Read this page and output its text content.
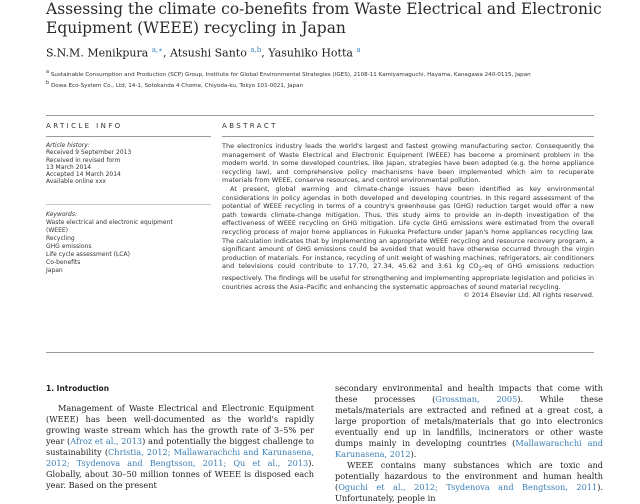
Assessing the climate co-benefits from Waste Electrical and Electronic Equipment (WEEE) recycling in Japan
S.N.M. Menikpura $^{a,∗}$, Atsushi Santo $^{a,b}$, Yasuhiko Hotta $^a$
$^a$ Sustainable Consumption and Production (SCP) Group, Institute for Global Environmental Strategies (IGES), 2108-11 Kamiyamaguchi, Hayama, Kanagawa 240-0115, Japan
$^b$ Dowa Eco-System Co., Ltd, 14-1, Sotokanda 4 Chome, Chiyoda-ku, Tokyo 101-0021, Japan
ARTICLE INFO	ABSTRACT
Article history:
Received 9 September 2013
Received in revised form
13 March 2014
Accepted 14 March 2014
Available online xxx
Keywords:
Waste electrical and electronic equipment
(WEEE)
Recycling
GHG emissions
Life cycle assessment (LCA)
Co-benefits
Japan

The electronics industry leads the world's largest and fastest growing manufacturing sector. Consequently the management of Waste Electrical and Electronic Equipment (WEEE) has become a prominent problem in the modern world. In some developed countries, like Japan, strategies have been adopted (e.g. the home appliance recycling law), and comprehensive policy mechanisms have been implemented which aim to recuperate materials from WEEE, conserve resources, and control environmental pollution.

At present, global warming and climate-change issues have been identified as key environmental considerations in policy agendas in both developed and developing countries. In this regard assessment of the potential of WEEE recycling in terms of a country's greenhouse gas (GHG) reduction target would offer a new path towards climate-change mitigation. Thus, this study aims to provide an in-depth investigation of the effectiveness of WEEE recycling on GHG mitigation. Life cycle GHG emissions were estimated from the overall recycling process of major home appliances in Fukuoka Prefecture under Japan's home appliances recycling law. The calculation indicates that by implementing an appropriate WEEE recycling and resource recovery program, a significant amount of GHG emissions could be avoided that would have otherwise occurred through the virgin production of materials. For instance, recycling of unit weight of washing machines, refrigerators, air conditioners and televisions could contribute to 17.70, 27.34, 45.62 and 3.61 kg $CO_2-eq$ of GHG emissions reduction respectively. The findings will be useful for strengthening and implementing appropriate legislation and policies in countries across the Asia–Pacific and enhancing the systematic approaches of sound material recycling.

© 2014 Elsevier Ltd. All rights reserved.
1. Introduction

Management of Waste Electrical and Electronic Equipment (WEEE) has been well-documented as the world's rapidly growing waste stream which has the growth rate of 3–5% per year (Afroz et al., 2013) and potentially the biggest challenge to sustainability (Christia, 2012; Mallawarachchi and Karunasena, 2012; Tsydenova and Bengtsson, 2011; Qu et al., 2013). Globally, about 30–50 million tonnes of WEEE is disposed each year. Based on the present

secondary environmental and health impacts that come with these processes (Grossman, 2005). While these metals/materials are extracted and refined at a great cost, a large proportion of metals/materials that go into electronics eventually end up in landfills, incinerators or other waste dumps mainly in developing countries (Mallawarachchi and Karunasena, 2012).

WEEE contains many substances which are toxic and potentially hazardous to the environment and human health (Oguchi et al., 2012; Tsydenova and Bengtsson, 2011). Unfortunately, people in
